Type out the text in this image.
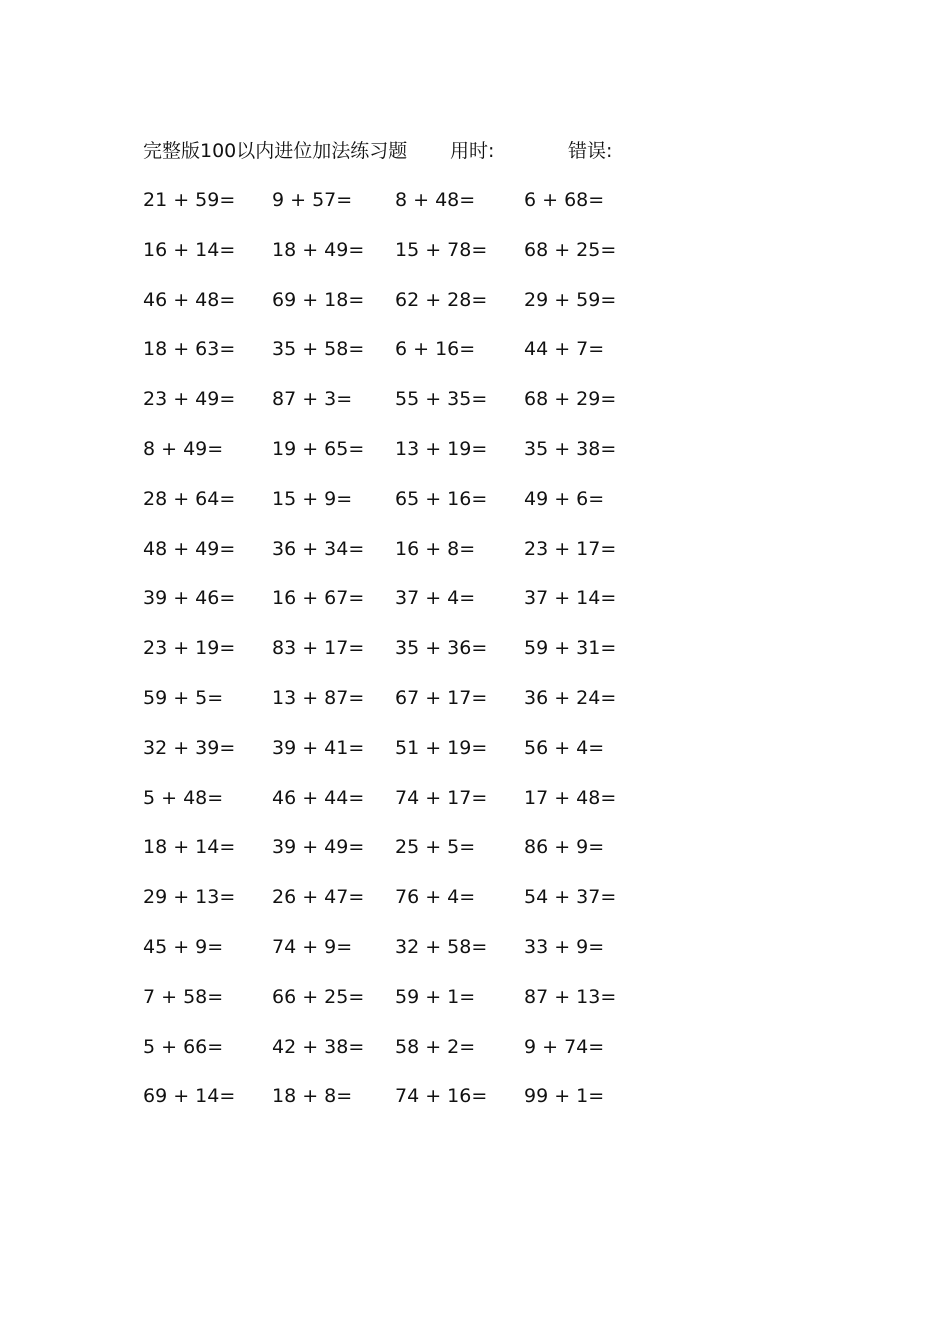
完整版100以内进位加法练习题 用时:	错误:
21 + 59= 9 + 57= 8 + 48=	6 + 68=
16 + 14= 18 + 49= 15 + 78= 68 + 25=
46 + 48= 69 + 18= 62 + 28= 29 + 59=
18 + 63= 35 + 58= 6 + 16=	44 + 7=
23 + 49= 87 + 3= 55 + 35= 68 + 29=
8 + 49=	19 + 65= 13 + 19= 35 + 38=
28 + 64= 15 + 9= 65 + 16= 49 + 6=
48 + 49= 36 + 34= 16 + 8=	23 + 17=
39 + 46= 16 + 67= 37 + 4=	37 + 14=
23 + 19= 83 + 17= 35 + 36= 59 + 31=
59 + 5=	13 + 87= 67 + 17= 36 + 24=
32 + 39= 39 + 41= 51 + 19= 56 + 4=
5 + 48=	46 + 44= 74 + 17= 17 + 48=
18 + 14= 39 + 49= 25 + 5=	86 + 9=
29 + 13= 26 + 47= 76 + 4=	54 + 37=
45 + 9=	74 + 9= 32 + 58= 33 + 9=
7 + 58=	66 + 25= 59 + 1=	87 + 13=
5 + 66=	42 + 38= 58 + 2=	9 + 74=
69 + 14= 18 + 8= 74 + 16= 99 + 1=
